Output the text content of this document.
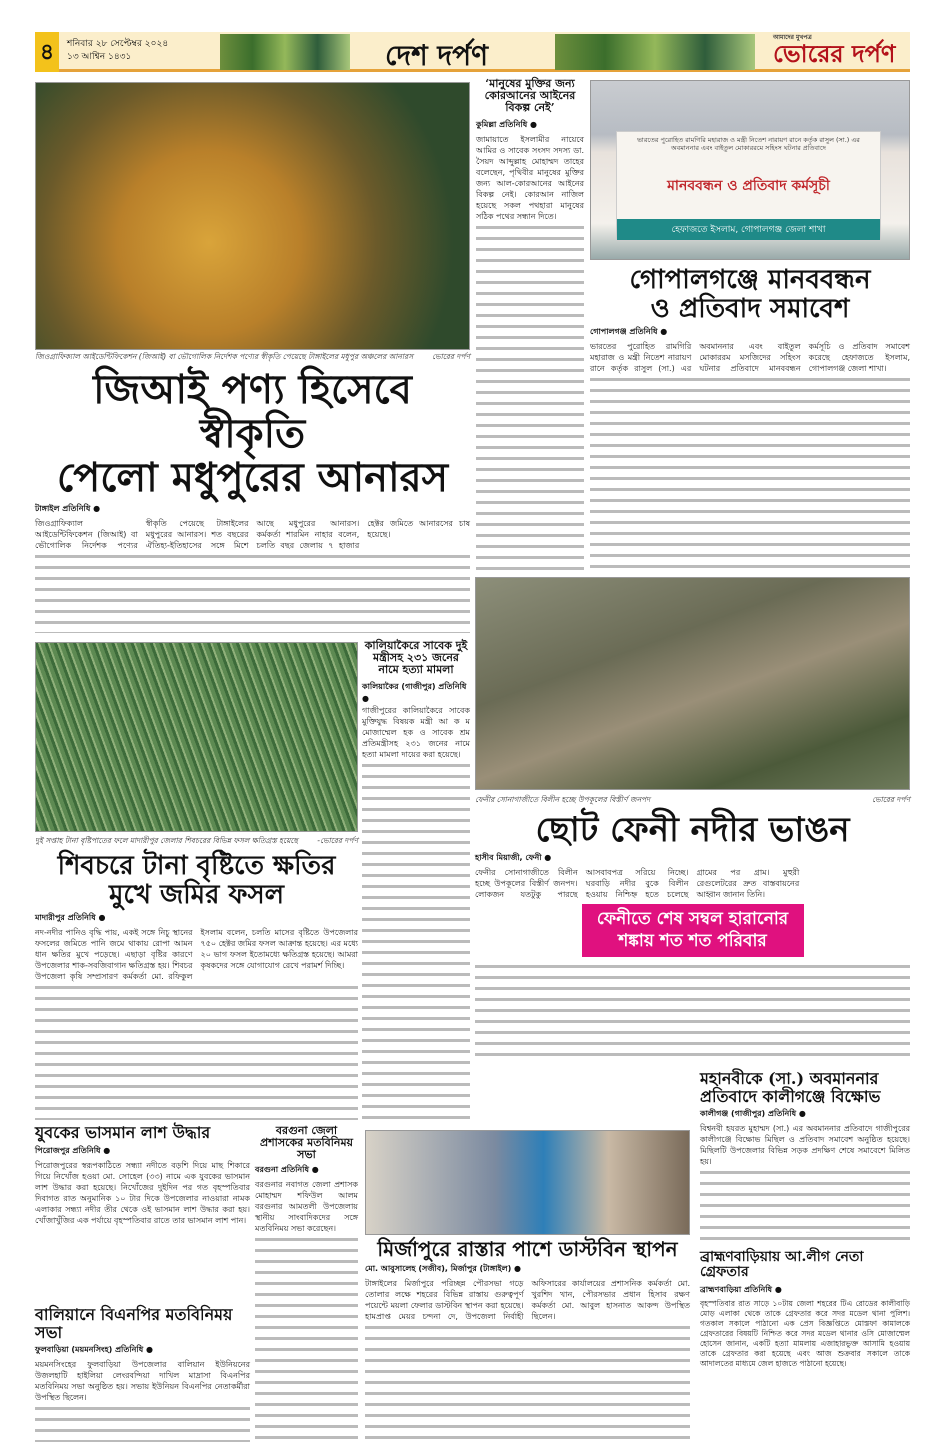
৪	শনিবার ২৮ সেপ্টেম্বর ২০২৪
১৩ আশ্বিন ১৪৩১	দেশ দর্পণ
আমাদের মুখপত্র
ভোরের দর্পণ
জিওগ্রাফিক্যাল আইডেন্টিফিকেশন (জিআই) বা ভৌগোলিক নির্দেশক পণ্যের স্বীকৃতি পেয়েছে টাঙ্গাইলের মধুপুর অঞ্চলের আনারস	ভোরের দর্পণ
জিআই পণ্য হিসেবে স্বীকৃতি
পেলো মধুপুরের আনারস
টাঙ্গাইল প্রতিনিধি ●
জিওগ্রাফিক্যাল আইডেন্টিফিকেশন (জিআই) বা ভৌগোলিক নির্দেশক পণ্যের স্বীকৃতি পেয়েছে টাঙ্গাইলের মধুপুরের আনারস। শত বছরের ঐতিহ্য-ইতিহাসের সঙ্গে মিশে আছে মধুপুরের আনারস। কর্মকর্তা শারমিন নাহার বলেন, চলতি বছর জেলায় ৭ হাজার হেক্টর জমিতে আনারসের চাষ হয়েছে।
‘মানুষের মুক্তির জন্য কোরআনের আইনের বিকল্প নেই’
কুমিল্লা প্রতিনিধি ●
জামায়াতে ইসলামীর নায়েবে আমির ও সাবেক সংসদ সদস্য ডা. সৈয়দ আব্দুল্লাহ মোহাম্মদ তাহের বলেছেন, পৃথিবীর মানুষের মুক্তির জন্য আল-কোরআনের আইনের বিকল্প নেই। কোরআন নাজিল হয়েছে সকল পথহারা মানুষের সঠিক পথের সন্ধান দিতে।
ভারতের পুরোহিত রামগিরি মহারাজ ও মন্ত্রী নিতেশ নারায়ণ রানে কর্তৃক রাসুল (সা.) এর অবমাননার এবং বাইতুল মোকাররমে সহিংস ঘটনার প্রতিবাদে
মানববন্ধন ও প্রতিবাদ কর্মসূচী
হেফাজতে ইসলাম, গোপালগঞ্জ জেলা শাখা
গোপালগঞ্জে মানববন্ধন
ও প্রতিবাদ সমাবেশ
গোপালগঞ্জ প্রতিনিধি ●
ভারতের পুরোহিত রামগিরি মহারাজ ও মন্ত্রী নিতেশ নারায়ণ রানে কর্তৃক রাসুল (সা.) এর অবমাননার এবং বাইতুল মোকাররম মসজিদের সহিংস ঘটনার প্রতিবাদে মানববন্ধন কর্মসূচি ও প্রতিবাদ সমাবেশ করেছে হেফাজতে ইসলাম, গোপালগঞ্জ জেলা শাখা।
ফেনীর সোনাগাজীতে বিলীন হচ্ছে উপকূলের বিস্তীর্ণ জনপদ	ভোরের দর্পণ
দুই সপ্তাহ টানা বৃষ্টিপাতের ফলে মাদারীপুর জেলার শিবচরের বিভিন্ন ফসল ক্ষতিগ্রস্ত হয়েছে	-ভোরের দর্পণ
কালিয়াকৈরে সাবেক দুই মন্ত্রীসহ ২৩১ জনের নামে হত্যা মামলা
কালিয়াকৈর (গাজীপুর) প্রতিনিধি ●
গাজীপুরের কালিয়াকৈরে সাবেক মুক্তিযুদ্ধ বিষয়ক মন্ত্রী আ ক ম মোজাম্মেল হক ও সাবেক শ্রম প্রতিমন্ত্রীসহ ২৩১ জনের নামে হত্যা মামলা দায়ের করা হয়েছে।
ছোট ফেনী নদীর ভাঙন
হাসীব মিয়াজী, ফেনী ●
ফেনীর সোনাগাজীতে বিলীন হচ্ছে উপকূলের বিস্তীর্ণ জনপদ। লোকজন যতটুকু পারছে আসবাবপত্র সরিয়ে নিচ্ছে। ঘরবাড়ি নদীর বুকে বিলীন হওয়ায় নিশ্চিহ্ন হতে চলেছে গ্রামের পর গ্রাম। মুহুরী রেগুলেটরের দ্রুত বাস্তবায়নের আহ্বান জানান তিনি।
ফেনীতে শেষ সম্বল হারানোর শঙ্কায় শত শত পরিবার
শিবচরে টানা বৃষ্টিতে ক্ষতির
মুখে জমির ফসল
মাদারীপুর প্রতিনিধি ●
নদ-নদীর পানিও বৃদ্ধি পায়, একই সঙ্গে নিচু স্থানের ফসলের জমিতে পানি জমে থাকায় রোপা আমন ধান ক্ষতির মুখে পড়েছে। এছাড়া বৃষ্টির কারণে উপজেলার শাক-সবজিবাগান ক্ষতিগ্রস্ত হয়। শিবচর উপজেলা কৃষি সম্প্রসারণ কর্মকর্তা মো. রফিকুল ইসলাম বলেন, চলতি মাসের বৃষ্টিতে উপজেলার ৭৫০ হেক্টর জমির ফসল আক্রান্ত হয়েছে। এর মধ্যে ২০ ভাগ ফসল ইতোমধ্যে ক্ষতিগ্রস্ত হয়েছে। আমরা কৃষকদের সঙ্গে যোগাযোগ রেখে পরামর্শ দিচ্ছি।
মহানবীকে (সা.) অবমাননার
প্রতিবাদে কালীগঞ্জে বিক্ষোভ
কালীগঞ্জ (গাজীপুর) প্রতিনিধি ●
বিশ্বনবী হযরত মুহাম্মদ (সা.) এর অবমাননার প্রতিবাদে গাজীপুরের কালীগঞ্জে বিক্ষোভ মিছিল ও প্রতিবাদ সমাবেশ অনুষ্ঠিত হয়েছে। মিছিলটি উপজেলার বিভিন্ন সড়ক প্রদক্ষিণ শেষে সমাবেশে মিলিত হয়।
যুবকের ভাসমান লাশ উদ্ধার
পিরোজপুর প্রতিনিধি ●
পিরোজপুরের স্বরূপকাঠিতে সন্ধ্যা নদীতে বড়শি দিয়ে মাছ শিকারে গিয়ে নিখোঁজ হওয়া মো. সোহেল (৩৩) নামে এক যুবকের ভাসমান লাশ উদ্ধার করা হয়েছে। নিখোঁজের দুইদিন পর গত বৃহস্পতিবার দিবাগত রাত অনুমানিক ১০ টার দিকে উপজেলার নাওয়ারা নামক এলাকার সন্ধ্যা নদীর তীর থেকে ওই ভাসমান লাশ উদ্ধার করা হয়। খোঁজাখুঁজির এক পর্যায়ে বৃহস্পতিবার রাতে তার ভাসমান লাশ পান।
বরগুনা জেলা প্রশাসকের মতবিনিময় সভা
বরগুনা প্রতিনিধি ●
বরগুনার নবাগত জেলা প্রশাসক মোহাম্মদ শফিউল আলম বরগুনার আমতলী উপজেলায় স্থানীয় সাংবাদিকদের সঙ্গে মতবিনিময় সভা করেছেন।
মির্জাপুরে রাস্তার পাশে ডাস্টবিন স্থাপন
মো. আবুসালেহ (সজীব), মির্জাপুর (টাঙ্গাইল) ●
টাঙ্গাইলের মির্জাপুরে পরিচ্ছন্ন পৌরসভা গড়ে তোলার লক্ষে শহরের বিভিন্ন রাস্তায় গুরুত্বপূর্ণ পয়েন্টে ময়লা ফেলার ডাস্টবিন স্থাপন করা হয়েছে। হামপ্রাপ্ত মেয়র চন্দনা দে, উপজেলা নির্বাহী অফিসারের কার্যালয়ের প্রশাসনিক কর্মকর্তা মো. খুরশিদ খান, পৌরসভার প্রধান হিসাব রক্ষণ কর্মকর্তা মো. আবুল হাসনাত আকন্দ উপস্থিত ছিলেন।
বালিয়ানে বিএনপির মতবিনিময় সভা
ফুলবাড়িয়া (ময়মনসিংহ) প্রতিনিধি ●
ময়মনসিংহের ফুলবাড়িয়া উপজেলার বালিয়ান ইউনিয়নের উজলহাটি হাইলিয়া লেংরবন্দিয়া দাখিল মাদ্রাসা বিএনপির মতবিনিময় সভা অনুষ্ঠিত হয়। সভায় ইউনিয়ন বিএনপির নেতাকর্মীরা উপস্থিত ছিলেন।
ব্রাহ্মণবাড়িয়ায় আ.লীগ নেতা গ্রেফতার
ব্রাহ্মণবাড়িয়া প্রতিনিধি ●
বৃহস্পতিবার রাত সাড়ে ১০টায় জেলা শহরের টিএ রোডের কালীবাড়ি মোড় এলাকা থেকে তাকে গ্রেফতার করে সদর মডেল থানা পুলিশ। গতকাল সকালে পাঠানো এক প্রেস বিজ্ঞপ্তিতে মোস্তফা কামালকে গ্রেফতারের বিষয়টি নিশ্চিত করে সদর মডেল থানার ওসি মোজাম্মেল হোসেন জানান, একটি হত্যা মামলায় এজাহারভুক্ত আসামি হওয়ায় তাকে গ্রেফতার করা হয়েছে এবং আজ শুক্রবার সকালে তাকে আদালতের মাধ্যমে জেল হাজতে পাঠানো হয়েছে।
